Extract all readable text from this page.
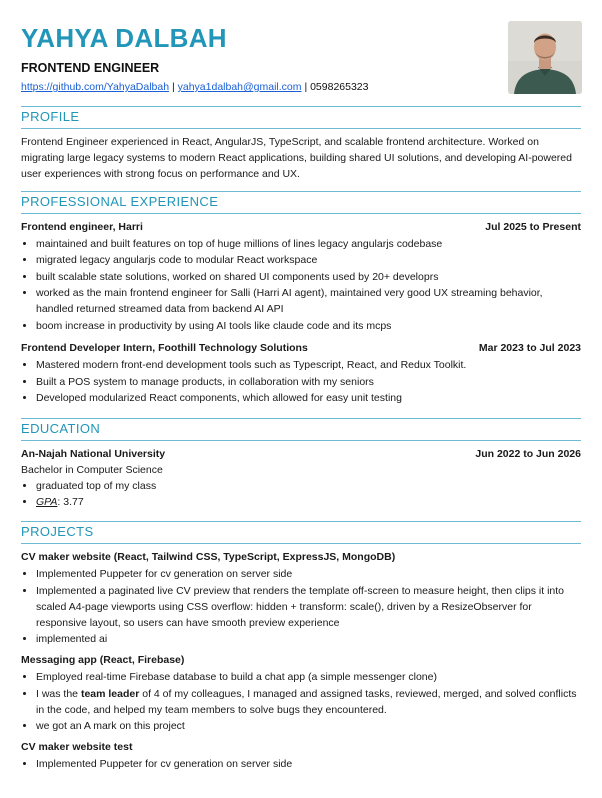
YAHYA DALBAH
FRONTEND ENGINEER
https://github.com/YahyaDalbah | yahya1dalbah@gmail.com | 0598265323
PROFILE

Frontend Engineer experienced in React, AngularJS, TypeScript, and scalable frontend architecture. Worked on migrating large legacy systems to modern React applications, building shared UI solutions, and developing AI-powered user experiences with strong focus on performance and UX.

PROFESSIONAL EXPERIENCE
Frontend engineer, Harri	Jul 2025 to Present
• maintained and built features on top of huge millions of lines legacy angularjs codebase
• migrated legacy angularjs code to modular React workspace
• built scalable state solutions, worked on shared UI components used by 20+ developrs
• worked as the main frontend engineer for Salli (Harri AI agent), maintained very good UX streaming behavior, handled returned streamed data from backend AI API
• boom increase in productivity by using AI tools like claude code and its mcps
Frontend Developer Intern, Foothill Technology Solutions	Mar 2023 to Jul 2023
• Mastered modern front-end development tools such as Typescript, React, and Redux Toolkit.
• Built a POS system to manage products, in collaboration with my seniors
• Developed modularized React components, which allowed for easy unit testing
EDUCATION
An-Najah National University	Jun 2022 to Jun 2026
Bachelor in Computer Science
• graduated top of my class
• GPA: 3.77
PROJECTS
CV maker website (React, Tailwind CSS, TypeScript, ExpressJS, MongoDB)
• Implemented Puppeter for cv generation on server side
• Implemented a paginated live CV preview that renders the template off-screen to measure height, then clips it into scaled A4-page viewports using CSS overflow: hidden + transform: scale(), driven by a ResizeObserver for responsive layout, so users can have smooth preview experience
• implemented ai
Messaging app (React, Firebase)
• Employed real-time Firebase database to build a chat app (a simple messenger clone)
• I was the team leader of 4 of my colleagues, I managed and assigned tasks, reviewed, merged, and solved conflicts in the code, and helped my team members to solve bugs they encountered.
• we got an A mark on this project
CV maker website test
• Implemented Puppeter for cv generation on server side
